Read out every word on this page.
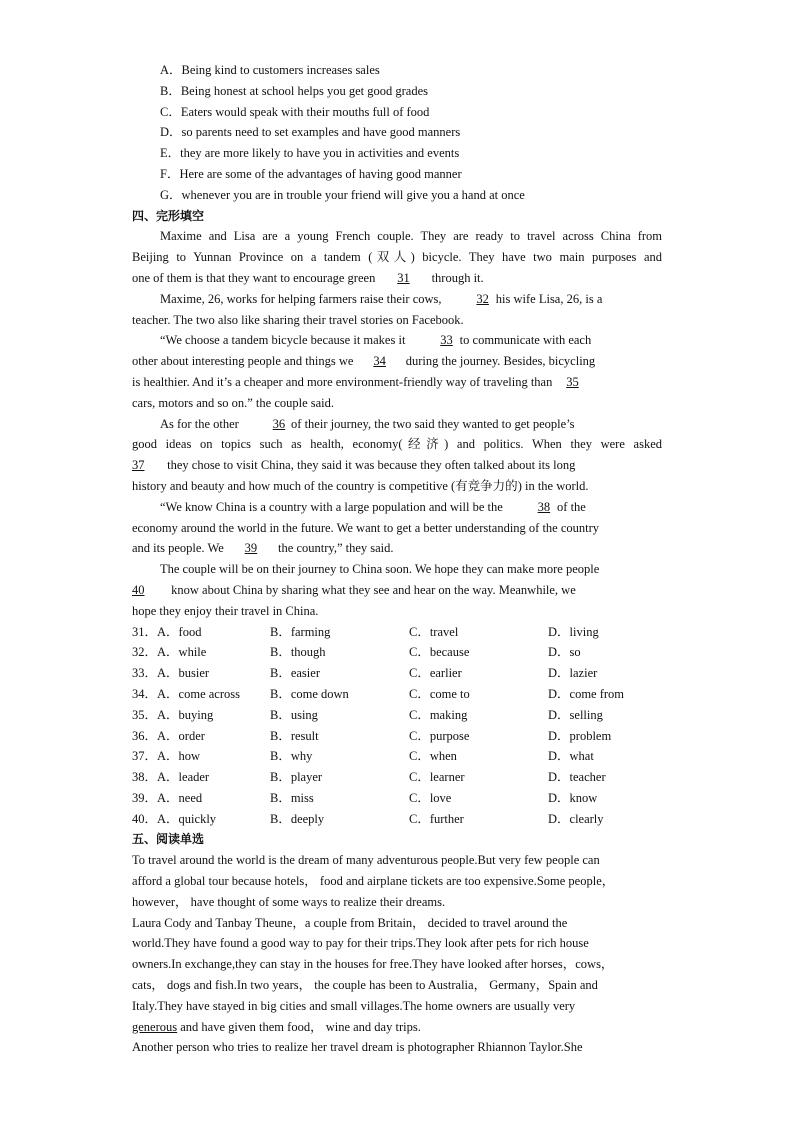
A．Being kind to customers increases sales
B．Being honest at school helps you get good grades
C．Eaters would speak with their mouths full of food
D．so parents need to set examples and have good manners
E．they are more likely to have you in activities and events
F．Here are some of the advantages of having good manner
G．whenever you are in trouble your friend will give you a hand at once
四、完形填空
Maxime and Lisa are a young French couple. They are ready to travel across China from
Beijing to Yunnan Province on a tandem (双人) bicycle. They have two main purposes and
one of them is that they want to encourage green 31 through it.
Maxime, 26, works for helping farmers raise their cows,	32 his wife Lisa, 26, is a
teacher. The two also like sharing their travel stories on Facebook.
“We choose a tandem bicycle because it makes it	33 to communicate with each
other about interesting people and things we 34 during the journey. Besides, bicycling
is healthier. And it’s a cheaper and more environment-friendly way of traveling than 35
cars, motors and so on.” the couple said.
As for the other	36 of their journey, the two said they wanted to get people’s
good ideas on topics such as health, economy(经济) and politics. When they were asked
37 they chose to visit China, they said it was because they often talked about its long
history and beauty and how much of the country is competitive (有竞争力的) in the world.
“We know China is a country with a large population and will be the	38 of the
economy around the world in the future. We want to get a better understanding of the country
and its people. We 39 the country,” they said.
The couple will be on their journey to China soon. We hope they can make more people
40 know about China by sharing what they see and hear on the way. Meanwhile, we
hope they enjoy their travel in China.
31．A．food	B．farming	C．travel	D．living
32．A．while	B．though	C．because	D．so
33．A．busier	B．easier	C．earlier	D．lazier
34．A．come across	B．come down	C．come to	D．come from
35．A．buying	B．using	C．making	D．selling
36．A．order	B．result	C．purpose	D．problem
37．A．how	B．why	C．when	D．what
38．A．leader	B．player	C．learner	D．teacher
39．A．need	B．miss	C．love	D．know
40．A．quickly	B．deeply	C．further	D．clearly
五、阅读单选
To travel around the world is the dream of many adventurous people.But very few people can
afford a global tour because hotels， food and airplane tickets are too expensive.Some people，
however， have thought of some ways to realize their dreams.
Laura Cody and Tanbay Theune，a couple from Britain， decided to travel around the
world.They have found a good way to pay for their trips.They look after pets for rich house
owners.In exchange,they can stay in the houses for free.They have looked after horses，cows，
cats， dogs and fish.In two years， the couple has been to Australia， Germany，Spain and
Italy.They have stayed in big cities and small villages.The home owners are usually very
generous and have given them food， wine and day trips.
Another person who tries to realize her travel dream is photographer Rhiannon Taylor.She
